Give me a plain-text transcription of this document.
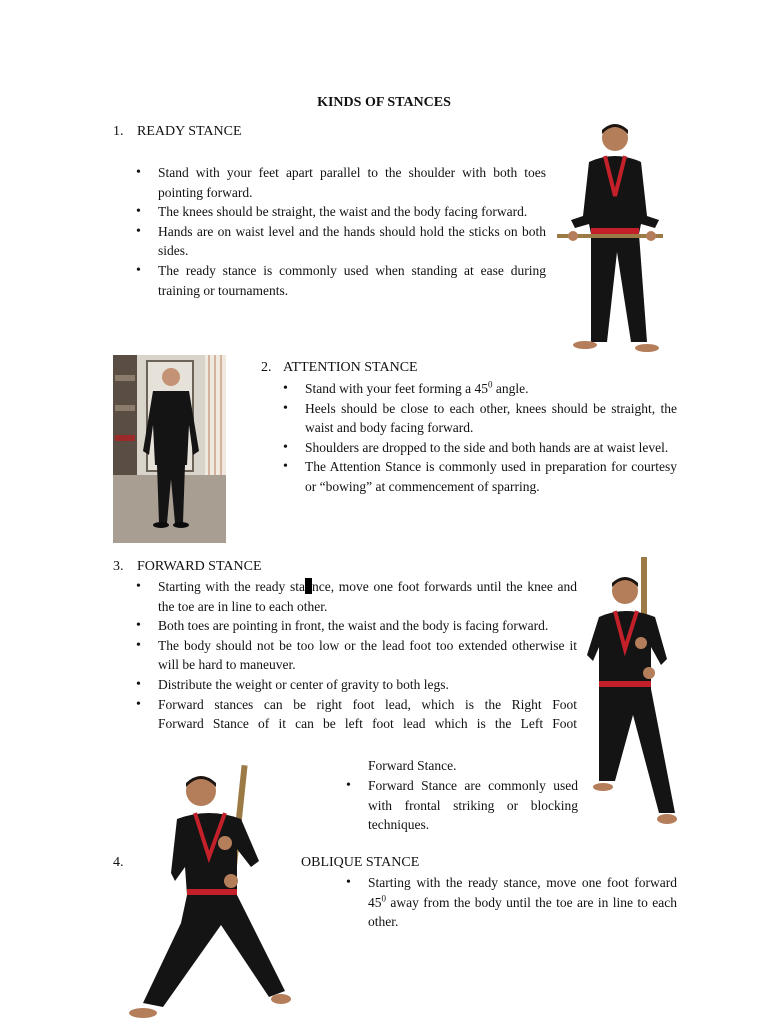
KINDS OF STANCES
1. READY STANCE
• Stand with your feet apart parallel to the shoulder with both toes pointing forward.
• The knees should be straight, the waist and the body facing forward.
• Hands are on waist level and the hands should hold the sticks on both sides.
• The ready stance is commonly used when standing at ease during training or tournaments.
2. ATTENTION STANCE
• Stand with your feet forming a $45^0$ angle.
• Heels should be close to each other, knees should be straight, the waist and body facing forward.
• Shoulders are dropped to the side and both hands are at waist level.
• The Attention Stance is commonly used in preparation for courtesy or “bowing” at commencement of sparring.
3. FORWARD STANCE
• Starting with the ready sta nce, move one foot forwards until the knee and the toe are in line to each other.
• Both toes are pointing in front, the waist and the body is facing forward.
• The body should not be too low or the lead foot too extended otherwise it will be hard to maneuver.
• Distribute the weight or center of gravity to both legs.
• Forward stances can be right foot lead, which is the Right Foot
Forward Stance of it can be left foot lead which is the Left Foot
Forward Stance.
• Forward Stance are commonly used with frontal striking or blocking techniques.
4.	OBLIQUE STANCE
• Starting with the ready stance, move one foot forward $45^0$ away from the body until the toe are in line to each other.
